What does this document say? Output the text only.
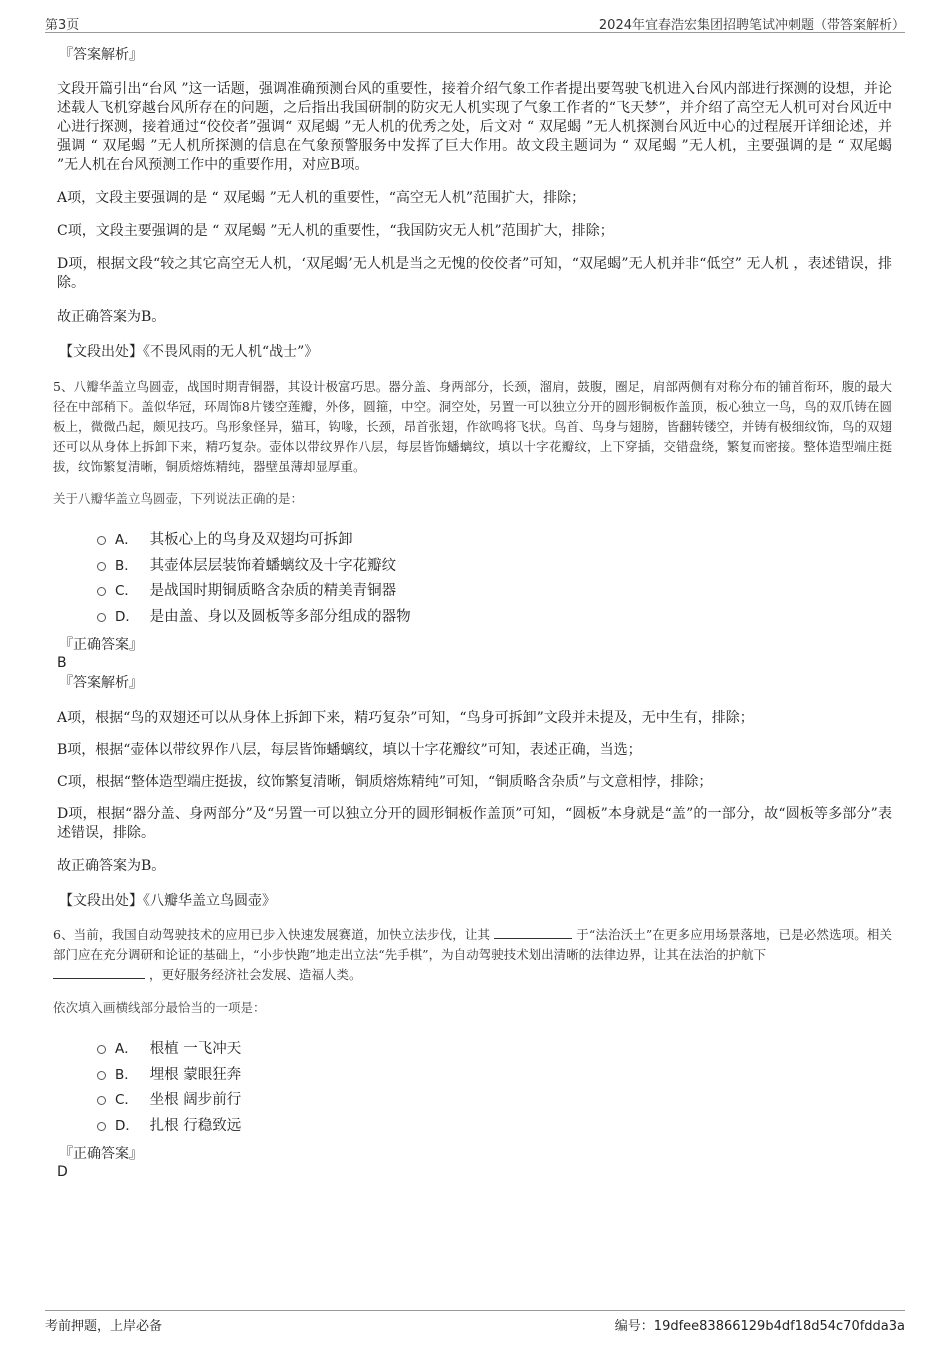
第3页	2024年宜春浩宏集团招聘笔试冲刺题（带答案解析）

『答案解析』

文段开篇引出“台风 ”这一话题，强调准确预测台风的重要性，接着介绍气象工作者提出要驾驶飞机进入台风内部进行探测的设想，并论述载人飞机穿越台风所存在的问题，之后指出我国研制的防灾无人机实现了气象工作者的“飞天梦”，并介绍了高空无人机可对台风近中心进行探测，接着通过“佼佼者”强调“ 双尾蝎 ”无人机的优秀之处，后文对 “ 双尾蝎 ”无人机探测台风近中心的过程展开详细论述，并强调 “ 双尾蝎 ”无人机所探测的信息在气象预警服务中发挥了巨大作用。故文段主题词为 “ 双尾蝎 ”无人机，主要强调的是 “ 双尾蝎 ”无人机在台风预测工作中的重要作用，对应B项。

A项，文段主要强调的是 “ 双尾蝎 ”无人机的重要性，“高空无人机”范围扩大，排除；

C项，文段主要强调的是 “ 双尾蝎 ”无人机的重要性，“我国防灾无人机”范围扩大，排除；

D项，根据文段“较之其它高空无人机，‘双尾蝎’无人机是当之无愧的佼佼者”可知，“双尾蝎”无人机并非“低空” 无人机 ，表述错误，排除。

故正确答案为B。

【文段出处】《不畏风雨的无人机“战士”》

5、八瓣华盖立鸟圆壶，战国时期青铜器，其设计极富巧思。器分盖、身两部分，长颈，溜肩，鼓腹，圈足，肩部两侧有对称分布的铺首衔环，腹的最大径在中部稍下。盖似华冠，环周饰8片镂空莲瓣，外侈，圆箍，中空。洞空处，另置一可以独立分开的圆形铜板作盖顶，板心独立一鸟，鸟的双爪铸在圆板上，微微凸起，颇见技巧。鸟形象怪异，猫耳，钩喙，长颈，昂首张翅，作欲鸣将飞状。鸟首、鸟身与翅膀，皆翻转镂空，并铸有极细纹饰，鸟的双翅还可以从身体上拆卸下来，精巧复杂。壶体以带纹界作八层，每层皆饰蟠螭纹，填以十字花瓣纹，上下穿插，交错盘绕，繁复而密接。整体造型端庄挺拔，纹饰繁复清晰，铜质熔炼精纯，器壁虽薄却显厚重。

关于八瓣华盖立鸟圆壶，下列说法正确的是：

A． 其板心上的鸟身及双翅均可拆卸
B． 其壶体层层装饰着蟠螭纹及十字花瓣纹
C． 是战国时期铜质略含杂质的精美青铜器
D． 是由盖、身以及圆板等多部分组成的器物

『正确答案』

B

『答案解析』

A项，根据“鸟的双翅还可以从身体上拆卸下来，精巧复杂”可知，“鸟身可拆卸”文段并未提及，无中生有，排除；

B项，根据“壶体以带纹界作八层，每层皆饰蟠螭纹，填以十字花瓣纹”可知，表述正确，当选；

C项，根据“整体造型端庄挺拔，纹饰繁复清晰，铜质熔炼精纯”可知，“铜质略含杂质”与文意相悖，排除；

D项，根据“器分盖、身两部分”及“另置一可以独立分开的圆形铜板作盖顶”可知，“圆板”本身就是“盖”的一部分，故“圆板等多部分”表述错误，排除。

故正确答案为B。

【文段出处】《八瓣华盖立鸟圆壶》

6、当前，我国自动驾驶技术的应用已步入快速发展赛道，加快立法步伐，让其	于“法治沃土”在更多应用场景落地，已是必然选项。相关部门应在充分调研和论证的基础上，“小步快跑”地走出立法“先手棋”，为自动驾驶技术划出清晰的法律边界，让其在法治的护航下
，更好服务经济社会发展、造福人类。

依次填入画横线部分最恰当的一项是：

A． 根植 一飞冲天
B． 埋根 蒙眼狂奔
C． 坐根 阔步前行
D． 扎根 行稳致远

『正确答案』

D

考前押题，上岸必备	编号：19dfee83866129b4df18d54c70fdda3a
